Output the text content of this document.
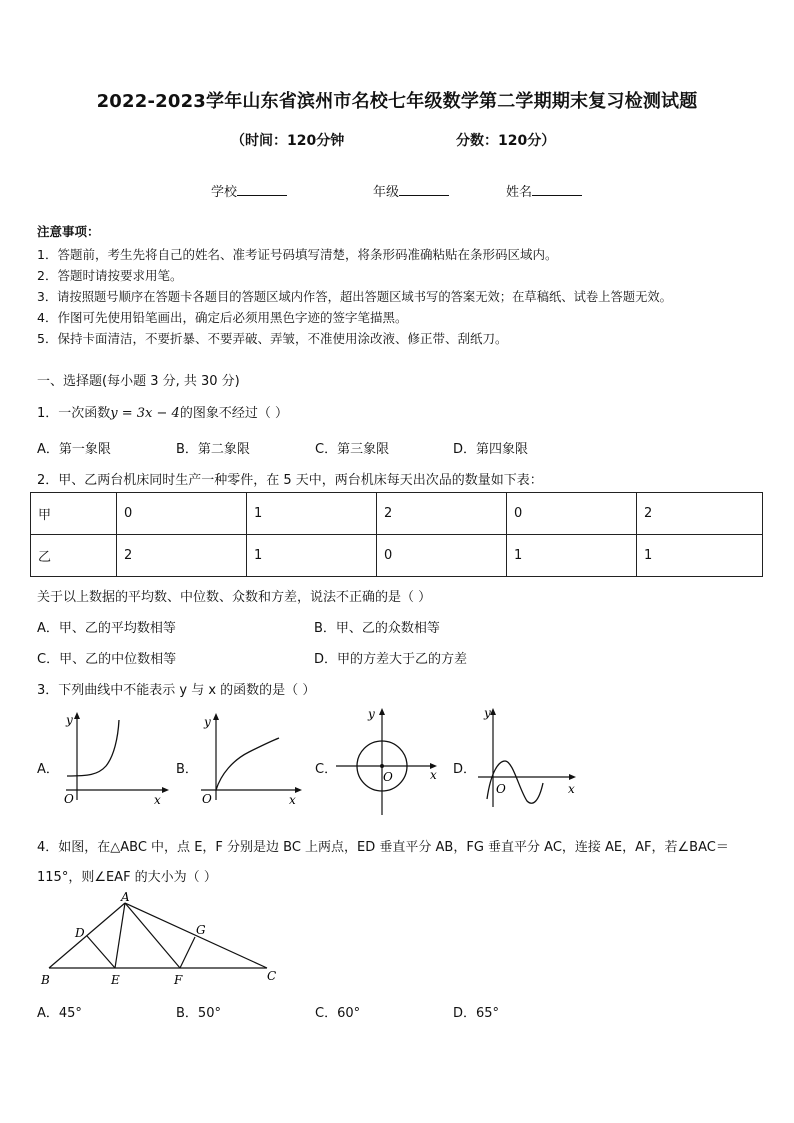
2022-2023学年山东省滨州市名校七年级数学第二学期期末复习检测试题
（时间：120分钟	分数：120分）
学校	年级	姓名
注意事项：
1．答题前，考生先将自己的姓名、准考证号码填写清楚，将条形码准确粘贴在条形码区域内。
2．答题时请按要求用笔。
3．请按照题号顺序在答题卡各题目的答题区域内作答，超出答题区域书写的答案无效；在草稿纸、试卷上答题无效。
4．作图可先使用铅笔画出，确定后必须用黑色字迹的签字笔描黑。
5．保持卡面清洁，不要折暴、不要弄破、弄皱，不准使用涂改液、修正带、刮纸刀。
一、选择题(每小题 3 分, 共 30 分)
1．一次函数y = 3x − 4的图象不经过（ ）
A．第一象限	B．第二象限	C．第三象限	D．第四象限
2．甲、乙两台机床同时生产一种零件，在 5 天中，两台机床每天出次品的数量如下表：
甲	0	1	2	0	2
乙	2	1	0	1	1
关于以上数据的平均数、中位数、众数和方差，说法不正确的是（ ）
A．甲、乙的平均数相等	B．甲、乙的众数相等
C．甲、乙的中位数相等	D．甲的方差大于乙的方差
3．下列曲线中不能表示 y 与 x 的函数的是（ ）
A．	B．	C．	D．
y
x
O
y
x
O
y
x
O
y
x
O
4．如图，在△ABC 中，点 E，F 分别是边 BC 上两点，ED 垂直平分 AB，FG 垂直平分 AC，连接 AE，AF，若∠BAC＝
115°，则∠EAF 的大小为（ ）
A
B	C
D
E	F
G
A．45°	B．50°	C．60°	D．65°
